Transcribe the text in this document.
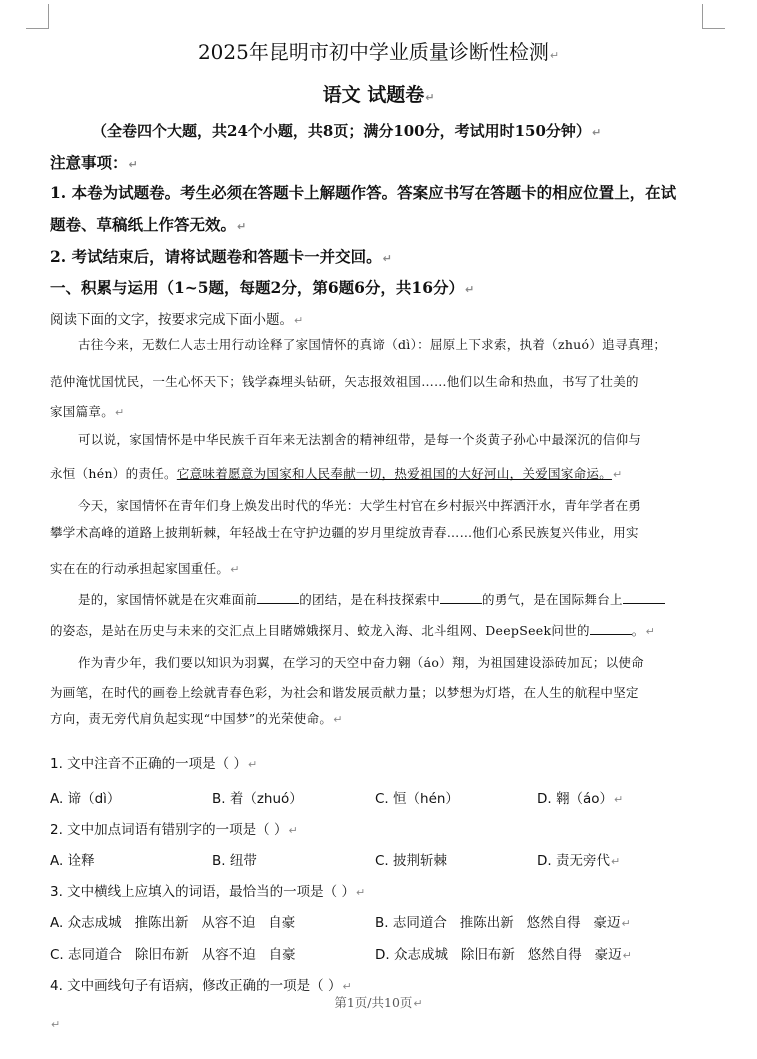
2025年昆明市初中学业质量诊断性检测↵
语文 试题卷↵
（全卷四个大题，共24个小题，共8页；满分100分，考试用时150分钟）↵
注意事项：↵
1. 本卷为试题卷。考生必须在答题卡上解题作答。答案应书写在答题卡的相应位置上，在试
题卷、草稿纸上作答无效。↵
2. 考试结束后，请将试题卷和答题卡一并交回。↵
一、积累与运用（1~5题，每题2分，第6题6分，共16分）↵
阅读下面的文字，按要求完成下面小题。↵
古往今来，无数仁人志士用行动诠释了家国情怀的真谛（dì）：屈原上下求索，执着（zhuó）追寻真理；
范仲淹忧国忧民，一生心怀天下；钱学森埋头钻研，矢志报效祖国……他们以生命和热血，书写了壮美的
家国篇章。↵
可以说，家国情怀是中华民族千百年来无法割舍的精神纽带，是每一个炎黄子孙心中最深沉的信仰与
永恒（hén）的责任。它意味着愿意为国家和人民奉献一切，热爱祖国的大好河山，关爱国家命运。↵
今天，家国情怀在青年们身上焕发出时代的华光：大学生村官在乡村振兴中挥洒汗水，青年学者在勇
攀学术高峰的道路上披荆斩棘，年轻战士在守护边疆的岁月里绽放青春……他们心系民族复兴伟业，用实
实在在的行动承担起家国重任。↵
是的，家国情怀就是在灾难面前	的团结，是在科技探索中	的勇气，是在国际舞台上
的姿态，是站在历史与未来的交汇点上目睹嫦娥探月、蛟龙入海、北斗组网、DeepSeek问世的	。↵
作为青少年，我们要以知识为羽翼，在学习的天空中奋力翱（áo）翔，为祖国建设添砖加瓦；以使命
为画笔，在时代的画卷上绘就青春色彩，为社会和谐发展贡献力量；以梦想为灯塔，在人生的航程中坚定
方向，责无旁代肩负起实现“中国梦”的光荣使命。↵
1. 文中注音不正确的一项是（ ）↵
A. 谛（dì）	B. 着（zhuó）	C. 恒（hén）	D. 翱（áo）↵
2. 文中加点词语有错别字的一项是（ ）↵
A. 诠释	B. 纽带	C. 披荆斩棘	D. 责无旁代↵
3. 文中横线上应填入的词语，最恰当的一项是（ ）↵
A. 众志成城   推陈出新   从容不迫   自豪	B. 志同道合   推陈出新   悠然自得   豪迈↵
C. 志同道合   除旧布新   从容不迫   自豪	D. 众志成城   除旧布新   悠然自得   豪迈↵
4. 文中画线句子有语病，修改正确的一项是（ ）↵
第1页/共10页↵
↵
